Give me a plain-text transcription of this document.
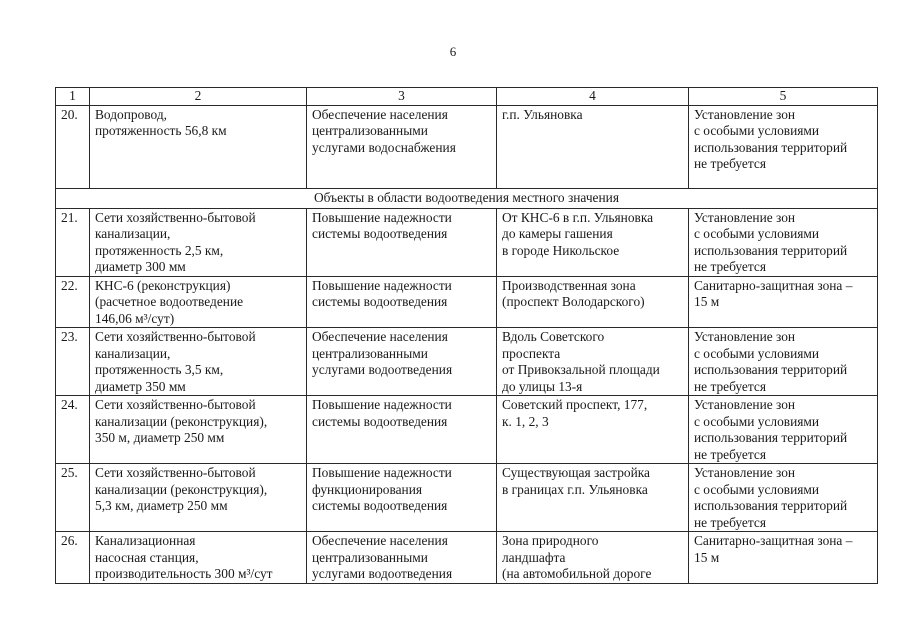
6
1	2	3	4	5
20.	Водопровод,
протяженность 56,8 км	Обеспечение населения
централизованными
услугами водоснабжения	г.п. Ульяновка	Установление зон
с особыми условиями
использования территорий
не требуется

Объекты в области водоотведения местного значения				
21.	Сети хозяйственно-бытовой
канализации,
протяженность 2,5 км,
диаметр 300 мм	Повышение надежности
системы водоотведения	От КНС-6 в г.п. Ульяновка
до камеры гашения
в городе Никольское	Установление зон
с особыми условиями
использования территорий
не требуется

22.	КНС-6 (реконструкция)
(расчетное водоотведение
146,06 м³/сут)	Повышение надежности
системы водоотведения	Производственная зона
(проспект Володарского)	Санитарно-защитная зона –
15 м

23.	Сети хозяйственно-бытовой
канализации,
протяженность 3,5 км,
диаметр 350 мм	Обеспечение населения
централизованными
услугами водоотведения	Вдоль Советского
проспекта
от Привокзальной площади
до улицы 13-я	Установление зон
с особыми условиями
использования территорий
не требуется

24.	Сети хозяйственно-бытовой
канализации (реконструкция),
350 м, диаметр 250 мм	Повышение надежности
системы водоотведения	Советский проспект, 177,
к. 1, 2, 3	Установление зон
с особыми условиями
использования территорий
не требуется

25.	Сети хозяйственно-бытовой
канализации (реконструкция),
5,3 км, диаметр 250 мм	Повышение надежности
функционирования
системы водоотведения	Существующая застройка
в границах г.п. Ульяновка	Установление зон
с особыми условиями
использования территорий
не требуется

26.	Канализационная
насосная станция,
производительность 300 м³/сут	Обеспечение населения
централизованными
услугами водоотведения	Зона природного
ландшафта
(на автомобильной дороге	Санитарно-защитная зона –
15 м
